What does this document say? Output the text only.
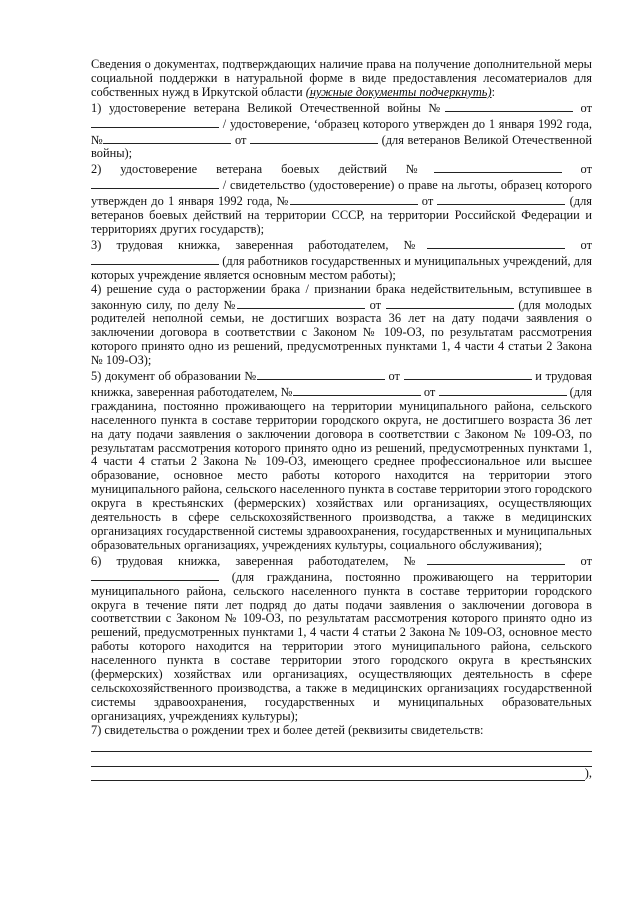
Сведения о документах, подтверждающих наличие права на получение дополнительной меры социальной поддержки в натуральной форме в виде предоставления лесоматериалов для собственных нужд в Иркутской области (нужные документы подчеркнуть):

1) удостоверение ветерана Великой Отечественной войны №	от  / удостоверение, ‘образец которого утвержден до 1 января 1992 года, №	от	(для ветеранов Великой Отечественной войны);

2) удостоверение ветерана боевых действий №	от  / свидетельство (удостоверение) о праве на льготы, образец которого утвержден до 1 января 1992 года, №	от	(для ветеранов боевых действий на территории СССР, на территории Российской Федерации и территориях других государств);

3) трудовая книжка, заверенная работодателем, №	от  (для работников государственных и муниципальных учреждений, для которых учреждение является основным местом работы);

4) решение суда о расторжении брака / признании брака недействительным, вступившее в законную силу, по делу №	от	(для молодых родителей неполной семьи, не достигших возраста 36 лет на дату подачи заявления о заключении договора в соответствии с Законом № 109-ОЗ, по результатам рассмотрения которого принято одно из решений, предусмотренных пунктами 1, 4 части 4 статьи 2 Закона № 109-ОЗ);

5) документ об образовании №	от	и трудовая книжка, заверенная работодателем, №	от	(для гражданина, постоянно проживающего на территории муниципального района, сельского населенного пункта в составе территории городского округа, не достигшего возраста 36 лет на дату подачи заявления о заключении договора в соответствии с Законом № 109-ОЗ, по результатам рассмотрения которого принято одно из решений, предусмотренных пунктами 1, 4 части 4 статьи 2 Закона № 109-ОЗ, имеющего среднее профессиональное или высшее образование, основное место работы которого находится на территории этого муниципального района, сельского населенного пункта в составе территории этого городского округа в крестьянских (фермерских) хозяйствах или организациях, осуществляющих деятельность в сфере сельскохозяйственного производства, а также в медицинских организациях государственной системы здравоохранения, государственных и муниципальных образовательных организациях, учреждениях культуры, социального обслуживания);

6) трудовая книжка, заверенная работодателем, №	от  (для гражданина, постоянно проживающего на территории муниципального района, сельского населенного пункта в составе территории городского округа в течение пяти лет подряд до даты подачи заявления о заключении договора в соответствии с Законом № 109-ОЗ, по результатам рассмотрения которого принято одно из решений, предусмотренных пунктами 1, 4 части 4 статьи 2 Закона № 109-ОЗ, основное место работы которого находится на территории этого муниципального района, сельского населенного пункта в составе территории этого городского округа в крестьянских (фермерских) хозяйствах или организациях, осуществляющих деятельность в сфере сельскохозяйственного производства, а также в медицинских организациях государственной системы здравоохранения, государственных и муниципальных образовательных организациях, учреждениях культуры);

7) свидетельства о рождении трех и более детей (реквизиты свидетельств:

),
